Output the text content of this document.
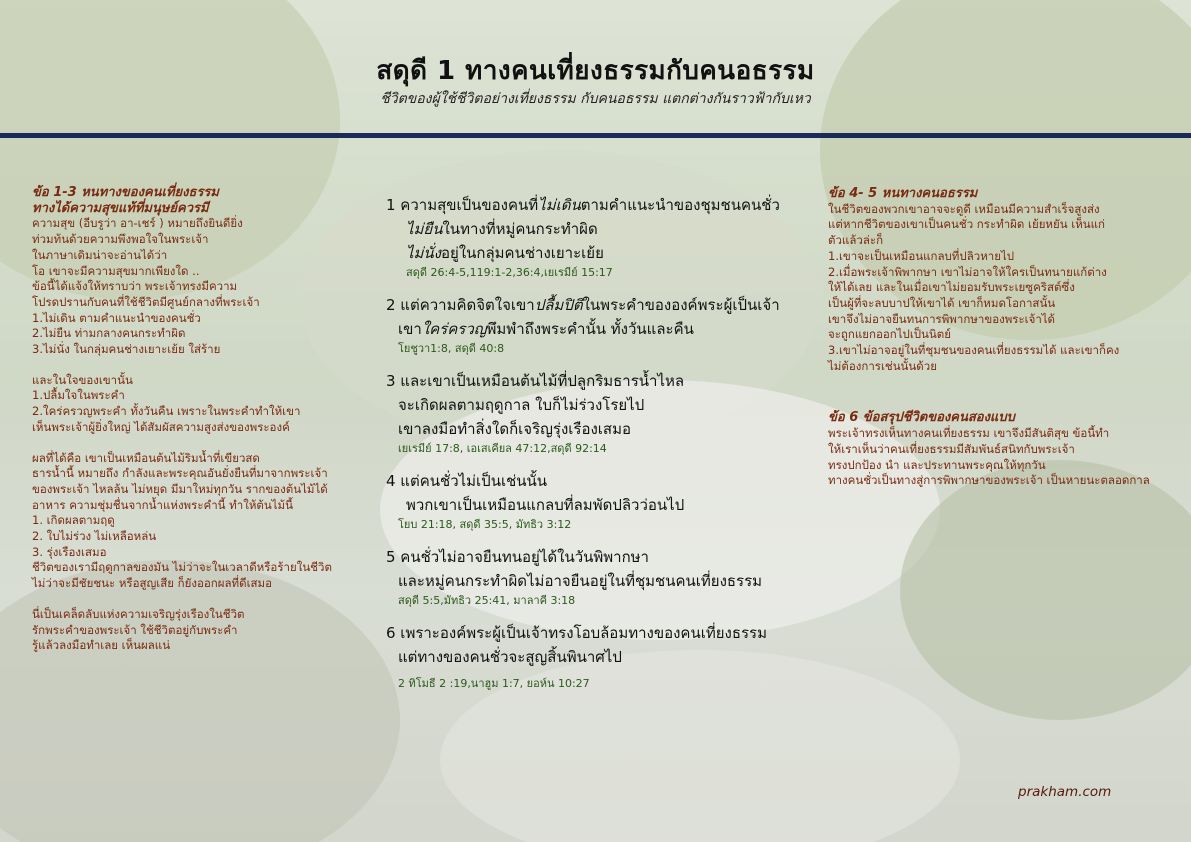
สดุดี 1 ทางคนเที่ยงธรรมกับคนอธรรม
ชีวิตของผู้ใช้ชีวิตอย่างเที่ยงธรรม กับคนอธรรม แตกต่างกันราวฟ้ากับเหว
ข้อ 1-3 หนทางของคนเที่ยงธรรม
ทางได้ความสุขแท้ที่มนุษย์ควรมี
ความสุข (อีบรูว่า อา-เชร์ ) หมายถึงยินดียิ่ง
ท่วมท้นด้วยความพึงพอใจในพระเจ้า
ในภาษาเดิมน่าจะอ่านได้ว่า
โอ เขาจะมีความสุขมากเพียงใด ..
ข้อนี้ได้แจ้งให้ทราบว่า พระเจ้าทรงมีความ
โปรดปรานกับคนที่ใช้ชีวิตมีศูนย์กลางที่พระเจ้า
1.ไม่เดิน ตามคำแนะนำของคนชั่ว
2.ไม่ยืน ท่ามกลางคนกระทำผิด
3.ไม่นั่ง ในกลุ่มคนช่างเยาะเย้ย ใส่ร้าย
และในใจของเขานั้น
1.ปลื้มใจในพระคำ
2.ใคร่ครวญพระคำ ทั้งวันคืน เพราะในพระคำทำให้เขา
เห็นพระเจ้าผู้ยิ่งใหญ่ ได้สัมผัสความสูงส่งของพระองค์
ผลที่ได้คือ เขาเป็นเหมือนต้นไม้ริมน้ำที่เขียวสด
ธารน้ำนี้ หมายถึง กำลังและพระคุณอันยั่งยืนที่มาจากพระเจ้า
ของพระเจ้า ไหลล้น ไม่หยุด มีมาใหม่ทุกวัน รากของต้นไม้ได้
อาหาร ความชุ่มชื่นจากน้ำแห่งพระคำนี้ ทำให้ต้นไม้นี้
1. เกิดผลตามฤดู
2. ใบไม่ร่วง ไม่เหลือหล่น
3. รุ่งเรืองเสมอ
ชีวิตของเรามีฤดูกาลของมัน ไม่ว่าจะในเวลาดีหรือร้ายในชีวิต
ไม่ว่าจะมีชัยชนะ หรือสูญเสีย ก็ยังออกผลที่ดีเสมอ
นี่เป็นเคล็ดลับแห่งความเจริญรุ่งเรืองในชีวิต
รักพระคำของพระเจ้า ใช้ชีวิตอยู่กับพระคำ
รู้แล้วลงมือทำเลย เห็นผลแน่
1 ความสุขเป็นของคนที่ไม่เดินตามคำแนะนำของชุมชนคนชั่ว
ไม่ยืนในทางที่หมู่คนกระทำผิด
ไม่นั่งอยู่ในกลุ่มคนช่างเยาะเย้ย
สดุดี 26:4-5,119:1-2,36:4,เยเรมีย์ 15:17
2 แต่ความคิดจิตใจเขาปลื้มปิติในพระคำขององค์พระผู้เป็นเจ้า
เขาใคร่ครวญพึมพำถึงพระคำนั้น ทั้งวันและคืน
โยชูวา1:8, สดุดี 40:8
3 และเขาเป็นเหมือนต้นไม้ที่ปลูกริมธารน้ำไหล
จะเกิดผลตามฤดูกาล ใบก็ไม่ร่วงโรยไป
เขาลงมือทำสิ่งใดก็เจริญรุ่งเรืองเสมอ
เยเรมีย์ 17:8, เอเสเคียล 47:12,สดุดี 92:14
4 แต่คนชั่วไม่เป็นเช่นนั้น
พวกเขาเป็นเหมือนแกลบที่ลมพัดปลิวว่อนไป
โยบ 21:18, สดุดี 35:5, มัทธิว 3:12
5 คนชั่วไม่อาจยืนทนอยู่ได้ในวันพิพากษา
และหมู่คนกระทำผิดไม่อาจยืนอยู่ในที่ชุมชนคนเที่ยงธรรม
สดุดี 5:5,มัทธิว 25:41, มาลาคี 3:18
6 เพราะองค์พระผู้เป็นเจ้าทรงโอบล้อมทางของคนเที่ยงธรรม
แต่ทางของคนชั่วจะสูญสิ้นพินาศไป
2 ทิโมธี 2 :19,นาฮูม 1:7, ยอห์น 10:27
ข้อ 4- 5 หนทางคนอธรรม
ในชีวิตของพวกเขาอาจจะดูดี เหมือนมีความสำเร็จสูงส่ง
แต่หากชีวิตของเขาเป็นคนชั่ว กระทำผิด เย้ยหยัน เห็นแก่
ตัวแล้วล่ะก็
1.เขาจะเป็นเหมือนแกลบที่ปลิวหายไป
2.เมื่อพระเจ้าพิพากษา เขาไม่อาจให้ใครเป็นทนายแก้ต่าง
ให้ได้เลย และในเมื่อเขาไม่ยอมรับพระเยซูคริสต์ซึ่ง
เป็นผู้ที่จะลบบาปให้เขาได้ เขาก็หมดโอกาสนั้น
เขาจึงไม่อาจยืนทนการพิพากษาของพระเจ้าได้
จะถูกแยกออกไปเป็นนิตย์
3.เขาไม่อาจอยู่ในที่ชุมชนของคนเที่ยงธรรมได้ และเขาก็คง
ไม่ต้องการเช่นนั้นด้วย
ข้อ 6 ข้อสรุปชีวิตของคนสองแบบ
พระเจ้าทรงเห็นทางคนเที่ยงธรรม เขาจึงมีสันติสุข ข้อนี้ทำ
ให้เราเห็นว่าคนเที่ยงธรรมมีสัมพันธ์สนิทกับพระเจ้า
ทรงปกป้อง นำ และประทานพระคุณให้ทุกวัน
ทางคนชั่วเป็นทางสู่การพิพากษาของพระเจ้า เป็นหายนะตลอดกาล
prakham.com
